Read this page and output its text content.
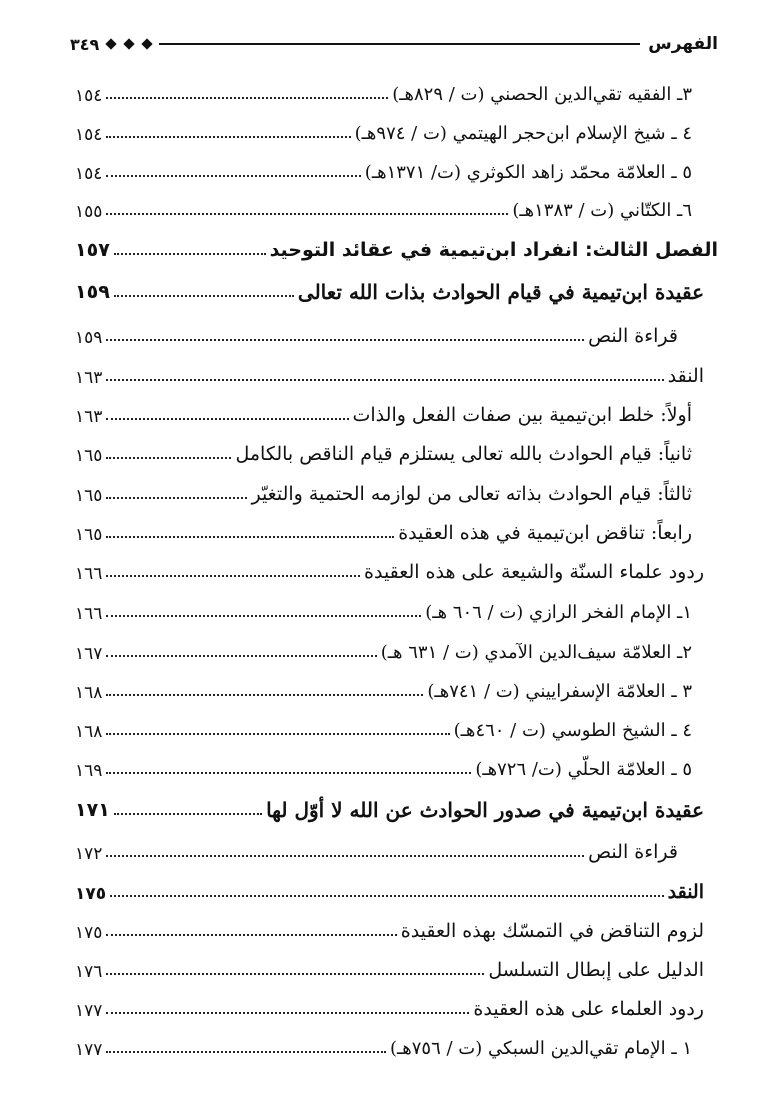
الفهرس
٣٤٩
٣ـ الفقيه تقي‌الدين الحصني (ت / ٨٢٩هـ)
١٥٤
٤ ـ شيخ الإسلام ابن‌حجر الهيتمي (ت / ٩٧٤هـ)
١٥٤
٥ ـ العلامّة محمّد زاهد الكوثري (ت/ ١٣٧١هـ)
١٥٤
٦ـ الكتّاني (ت / ١٣٨٣هـ)
١٥٥
الفصل الثالث: انفراد ابن‌تيمية في عقائد التوحيد
١٥٧
عقيدة ابن‌تيمية في قيام الحوادث بذات الله تعالى
١٥٩
قراءة النص
١٥٩
النقد
١٦٣
أولاً: خلط ابن‌تيمية بين صفات الفعل والذات
١٦٣
ثانياً: قيام الحوادث بالله تعالى يستلزم قيام الناقص بالكامل
١٦٥
ثالثاً: قيام الحوادث بذاته تعالى من لوازمه الحتمية والتغيّر
١٦٥
رابعاً: تناقض ابن‌تيمية في هذه العقيدة
١٦٥
ردود علماء السنّة والشيعة على هذه العقيدة
١٦٦
١ـ الإمام الفخر الرازي (ت / ٦٠٦ هـ)
١٦٦
٢ـ العلامّة سيف‌الدين الآمدي (ت / ٦٣١ هـ)
١٦٧
٣ ـ العلامّة الإسفراييني (ت / ٧٤١هـ)
١٦٨
٤ ـ الشيخ الطوسي (ت / ٤٦٠هـ)
١٦٨
٥ ـ العلامّة الحلّي (ت/ ٧٢٦هـ)
١٦٩
عقيدة ابن‌تيمية في صدور الحوادث عن الله لا أوّل لها
١٧١
قراءة النص
١٧٢
النقد
١٧٥
لزوم التناقض في التمسّك بهذه العقيدة
١٧٥
الدليل على إبطال التسلسل
١٧٦
ردود العلماء على هذه العقيدة
١٧٧
١ ـ الإمام تقي‌الدين السبكي (ت / ٧٥٦هـ)
١٧٧
